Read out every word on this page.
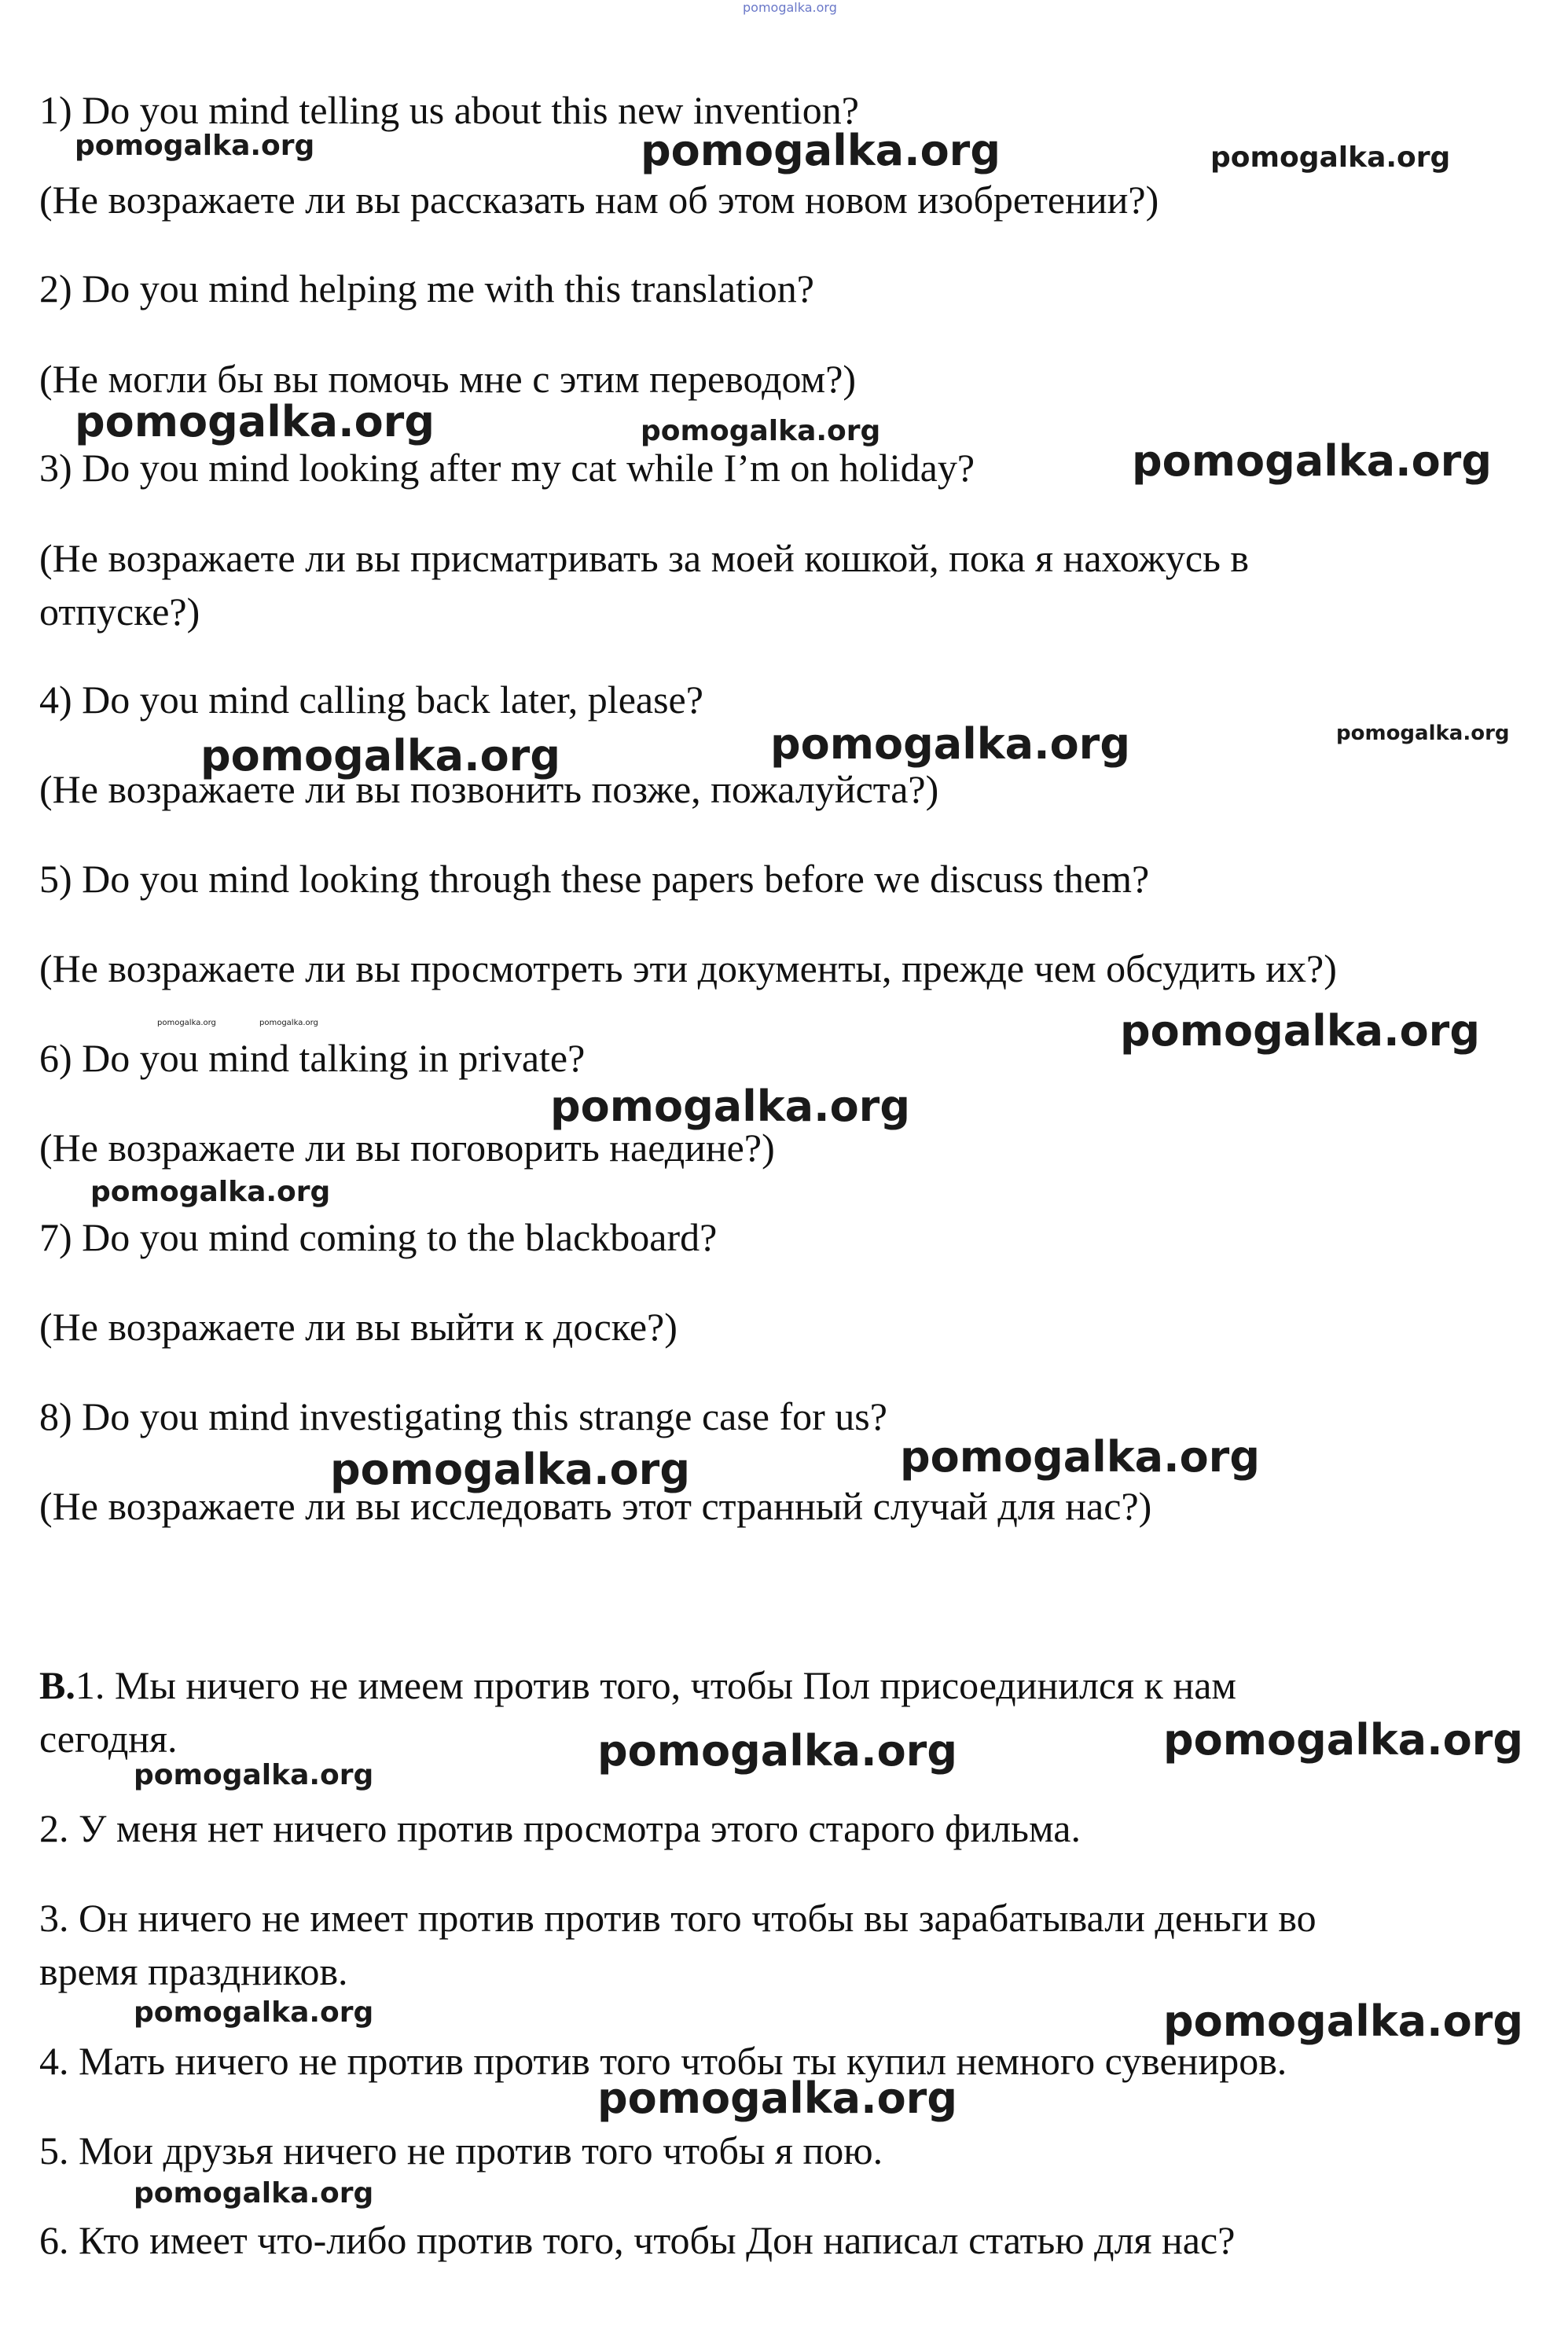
pomogalka.org
1) Do you mind telling us about this new invention?
(Не возражаете ли вы рассказать нам об этом новом изобретении?)
2) Do you mind helping me with this translation?
(Не могли бы вы помочь мне с этим переводом?)
3) Do you mind looking after my cat while I’m on holiday?
(Не возражаете ли вы присматривать за моей кошкой, пока я нахожусь в
отпуске?)
4) Do you mind calling back later, please?
(Не возражаете ли вы позвонить позже, пожалуйста?)
5) Do you mind looking through these papers before we discuss them?
(Не возражаете ли вы просмотреть эти документы, прежде чем обсудить их?)
6) Do you mind talking in private?
(Не возражаете ли вы поговорить наедине?)
7) Do you mind coming to the blackboard?
(Не возражаете ли вы выйти к доске?)
8) Do you mind investigating this strange case for us?
(Не возражаете ли вы исследовать этот странный случай для нас?)
B.1. Мы ничего не имеем против того, чтобы Пол присоединился к нам
сегодня.
2. У меня нет ничего против просмотра этого старого фильма.
3. Он ничего не имеет против против того чтобы вы зарабатывали деньги во
время праздников.
4. Мать ничего не против против того чтобы ты купил немного сувениров.
5. Мои друзья ничего не против того чтобы я пою.
6. Кто имеет что-либо против того, чтобы Дон написал статью для нас?
pomogalka.org	pomogalka.org	pomogalka.org
pomogalka.org	pomogalka.org
pomogalka.org
pomogalka.org	pomogalka.org	pomogalka.org
pomogalka.org	pomogalka.org	pomogalka.org
pomogalka.org
pomogalka.org
pomogalka.org
pomogalka.org
pomogalka.org
pomogalka.org
pomogalka.org
pomogalka.org	pomogalka.org
pomogalka.org
pomogalka.org
